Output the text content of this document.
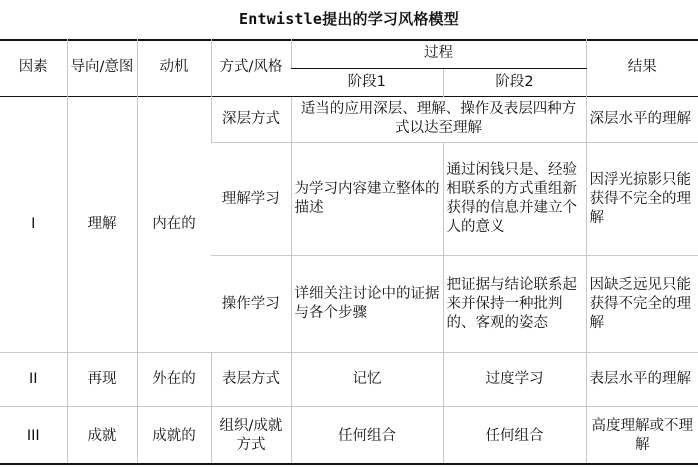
Entwistle提出的学习风格模型
因素	导向/意图	动机	方式/风格	过程		结果
				阶段1	阶段2	
I	理解	内在的	深层方式	适当的应用深层、理解、操作及表层四种方式以达至理解		深层水平的理解
			理解学习	为学习内容建立整体的描述	通过闲钱只是、经验相联系的方式重组新获得的信息并建立个人的意义	因浮光掠影只能获得不完全的理解
			操作学习	详细关注讨论中的证据与各个步骤	把证据与结论联系起来并保持一种批判的、客观的姿态	因缺乏远见只能获得不完全的理解
II	再现	外在的	表层方式	记忆	过度学习	表层水平的理解
III	成就	成就的	组织/成就方式	任何组合	任何组合	高度理解或不理解
